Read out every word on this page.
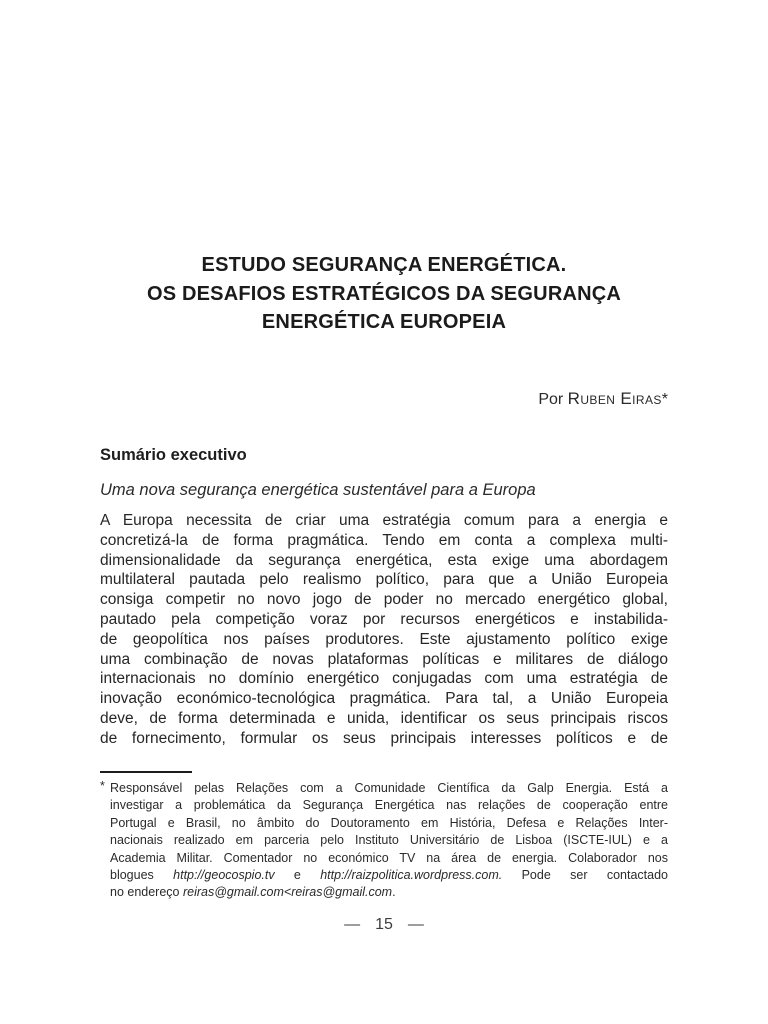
ESTUDO SEGURANÇA ENERGÉTICA.
OS DESAFIOS ESTRATÉGICOS DA SEGURANÇA
ENERGÉTICA EUROPEIA
Por Ruben Eiras*
Sumário executivo
Uma nova segurança energética sustentável para a Europa
A Europa necessita de criar uma estratégia comum para a energia e
concretizá-la de forma pragmática. Tendo em conta a complexa multi-
dimensionalidade da segurança energética, esta exige uma abordagem
multilateral pautada pelo realismo político, para que a União Europeia
consiga competir no novo jogo de poder no mercado energético global,
pautado pela competição voraz por recursos energéticos e instabilida-
de geopolítica nos países produtores. Este ajustamento político exige
uma combinação de novas plataformas políticas e militares de diálogo
internacionais no domínio energético conjugadas com uma estratégia de
inovação económico-tecnológica pragmática. Para tal, a União Europeia
deve, de forma determinada e unida, identificar os seus principais riscos
de fornecimento, formular os seus principais interesses políticos e de
* Responsável pelas Relações com a Comunidade Científica da Galp Energia. Está a
investigar a problemática da Segurança Energética nas relações de cooperação entre
Portugal e Brasil, no âmbito do Doutoramento em História, Defesa e Relações Inter-
nacionais realizado em parceria pelo Instituto Universitário de Lisboa (ISCTE-IUL) e a
Academia Militar. Comentador no económico TV na área de energia. Colaborador nos
blogues http://geocospio.tv e http://raizpolitica.wordpress.com. Pode ser contactado
no endereço reiras@gmail.com<reiras@gmail.com.
— 15 —
